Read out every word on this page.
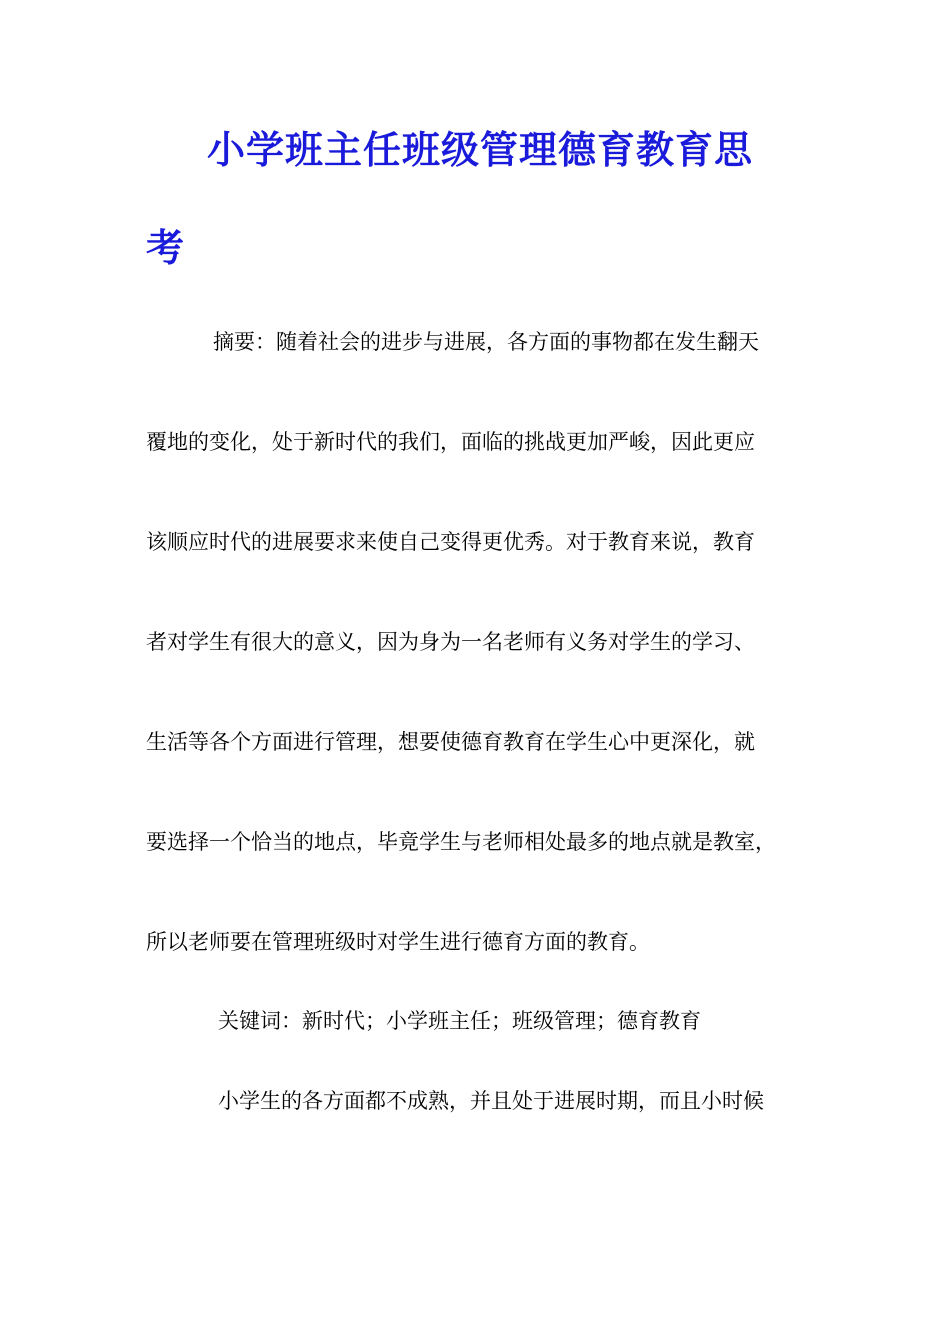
小学班主任班级管理德育教育思
考
摘要：随着社会的进步与进展，各方面的事物都在发生翻天
覆地的变化，处于新时代的我们，面临的挑战更加严峻，因此更应
该顺应时代的进展要求来使自己变得更优秀。对于教育来说，教育
者对学生有很大的意义，因为身为一名老师有义务对学生的学习、
生活等各个方面进行管理，想要使德育教育在学生心中更深化，就
要选择一个恰当的地点，毕竟学生与老师相处最多的地点就是教室，
所以老师要在管理班级时对学生进行德育方面的教育。
关键词：新时代；小学班主任；班级管理；德育教育
小学生的各方面都不成熟，并且处于进展时期，而且小时候
